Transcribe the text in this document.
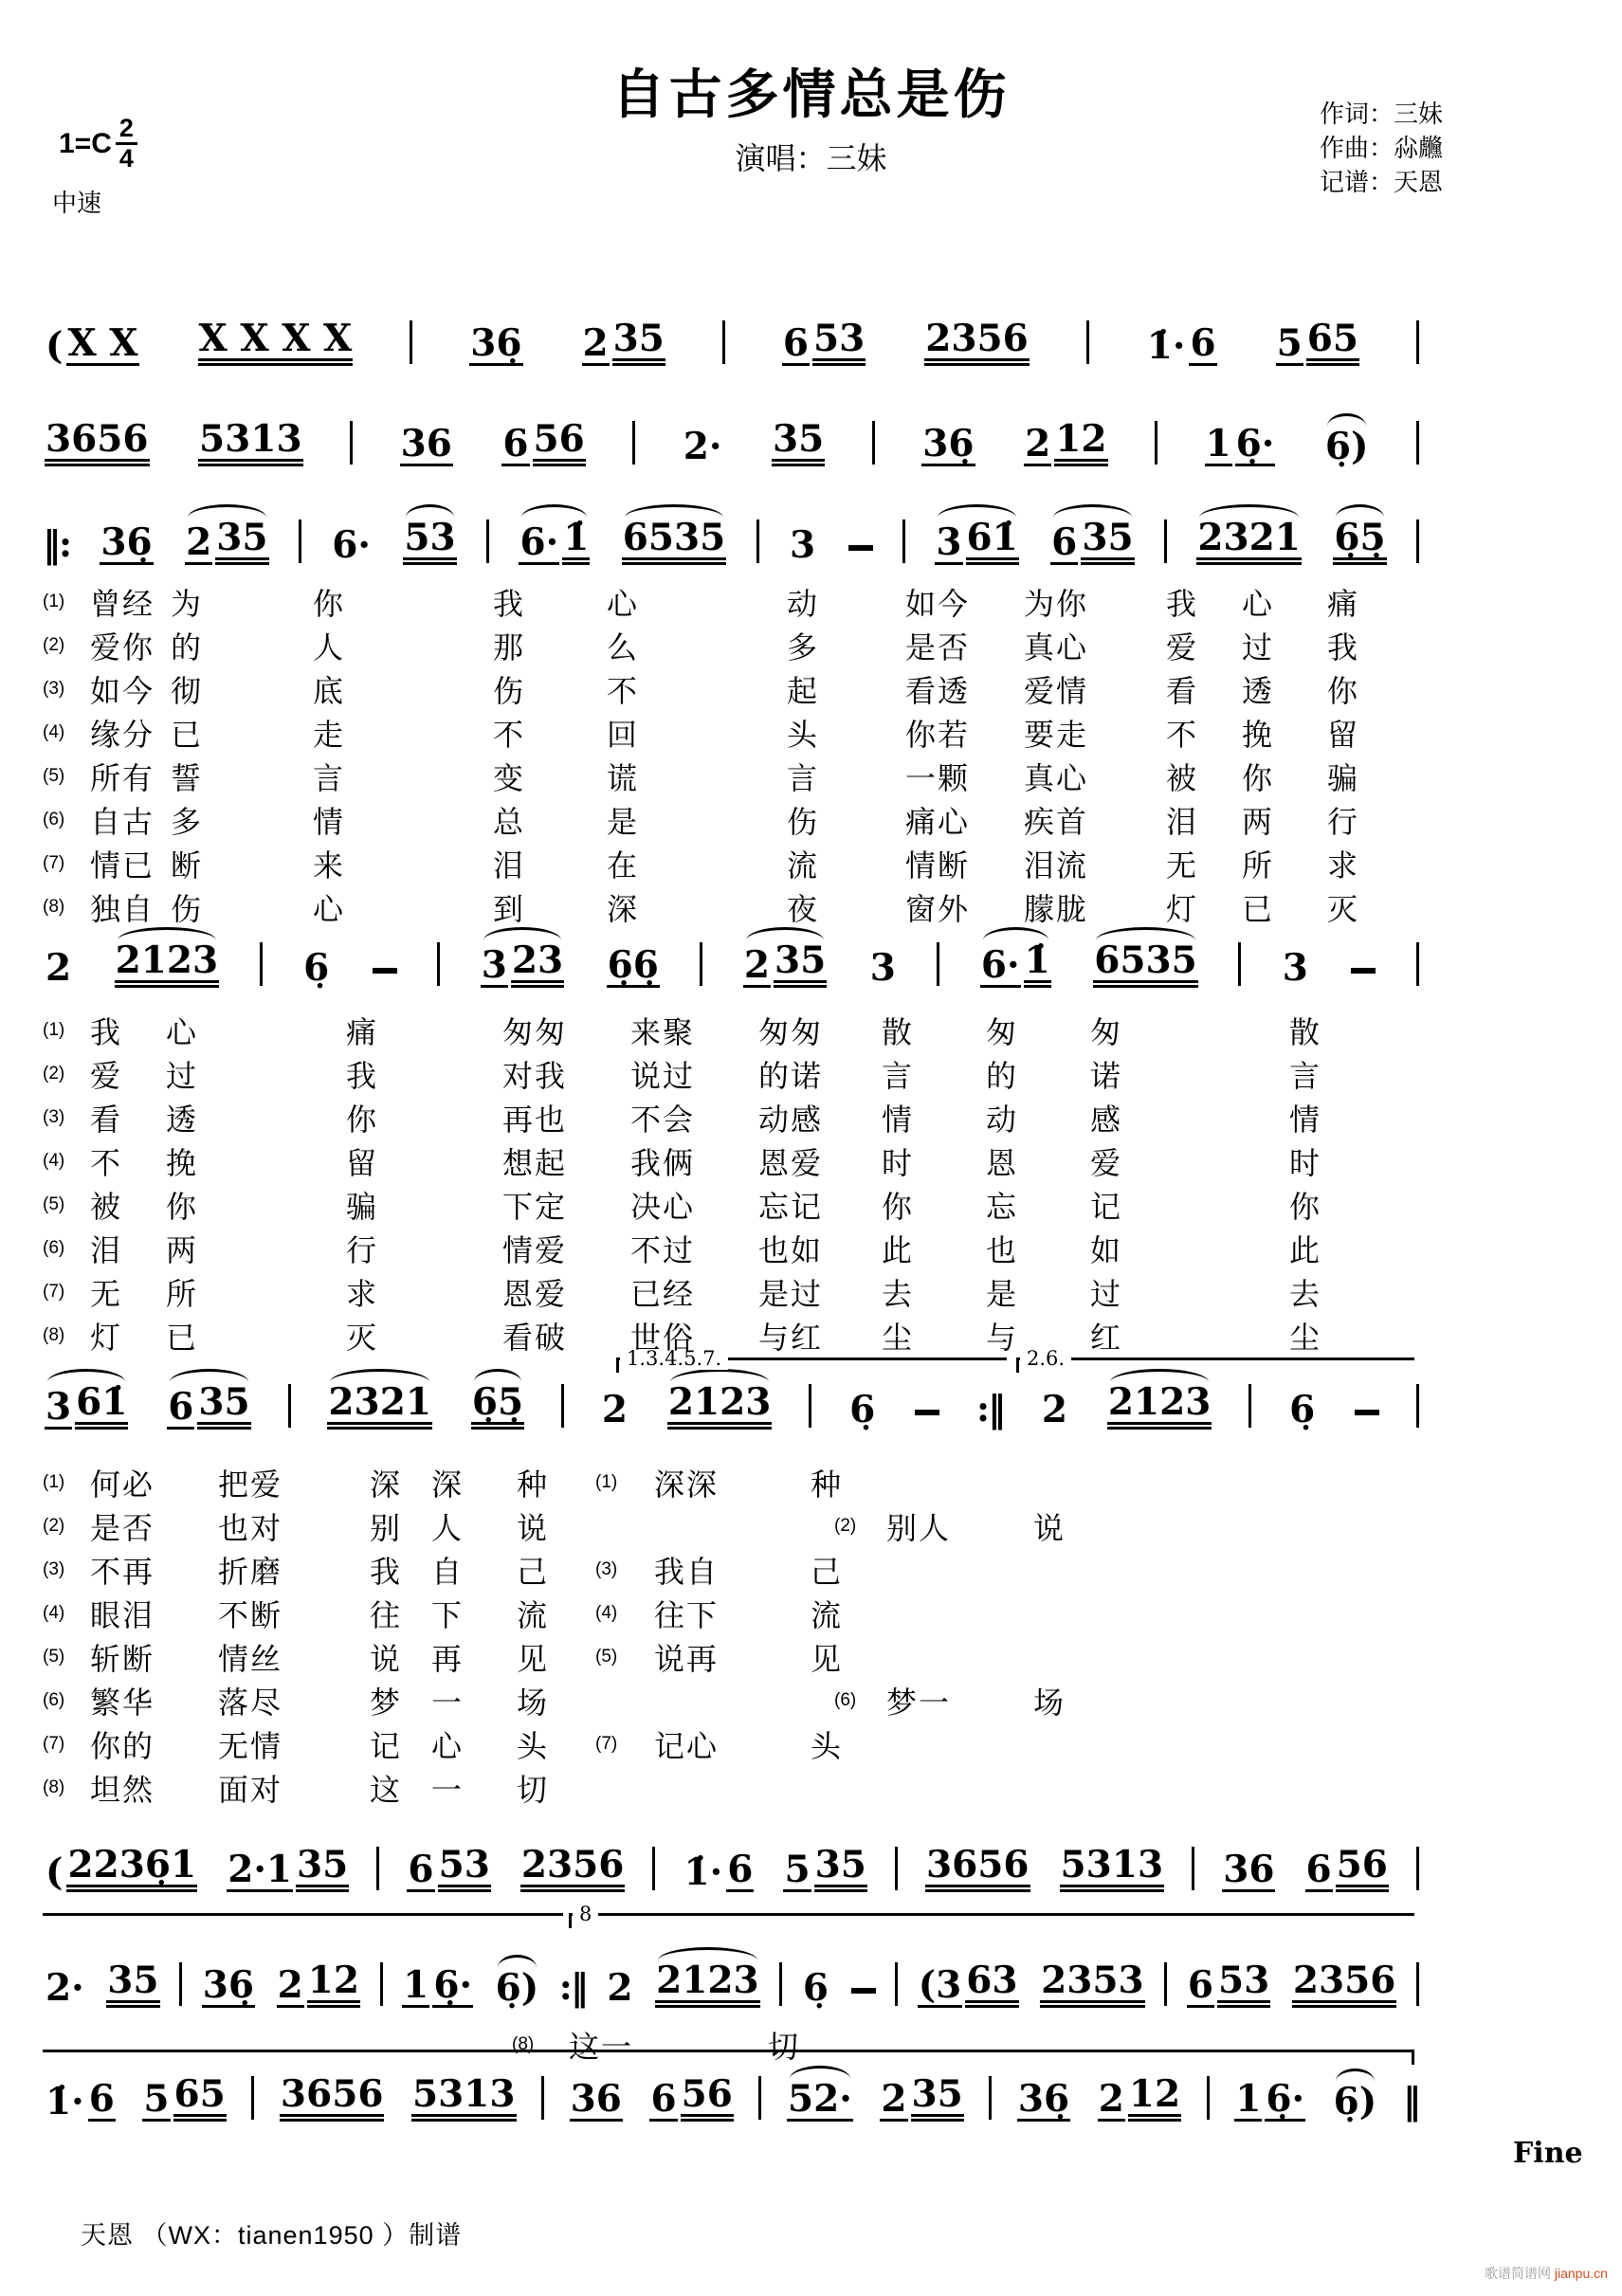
自古多情总是伤
$1=C \frac{2}{4}$	演唱：三妹
作词：三妹
作曲：尛虪
记谱：天恩
中速
( X X X X X X	36̣ 2 35	6 53 2356	1̇· 6 5 65
3656 5313	36 6 56	2· 35	36̣ 2 12	1 6̣· 6̣)
‖: 36̣ 2 35 6· 53 6· 1̇ 6535 3	3 61̇ 6 35 2321 6̣5̣
2 2123 6̣	3 23 6̣6̣ 2 35 3 6· 1̇ 6535 3
3 61̇ 6 35 2321 6̣5̣ 2 2123 6̣	:‖ 2 2123 6̣
( 2236̣1 2·1 35 6 53 2356 1̇· 6 5 35 3656 5313 36 6 56
2· 35 36̣ 2 12 1 6̣· 6̣) :‖ 2 2123 6̣ (3 63 2353 6 53 2356
1̇· 6 5 65 3656 5313 36 6 56 52· 2 35 36̣ 2 12 1 6̣· 6̣) ‖
1.3.4.5.7.	2.6.
8
(1) 曾经 为	你	我	心	动	如今	为你	我	心	痛
(2) 爱你 的	人	那	么	多	是否	真心	爱	过	我
(3) 如今 彻	底	伤	不	起	看透	爱情	看	透	你
(4) 缘分 已	走	不	回	头	你若	要走	不	挽	留
(5) 所有 誓	言	变	谎	言	一颗	真心	被	你	骗
(6) 自古 多	情	总	是	伤	痛心	疾首	泪	两	行
(7) 情已 断	来	泪	在	流	情断	泪流	无	所	求
(8) 独自 伤	心	到	深	夜	窗外	朦胧	灯	已	灭
(1) 我	心	痛	匆匆	来聚	匆匆	散	匆	匆	散
(2) 爱	过	我	对我	说过	的诺	言	的	诺	言
(3) 看	透	你	再也	不会	动感	情	动	感	情
(4) 不	挽	留	想起	我俩	恩爱	时	恩	爱	时
(5) 被	你	骗	下定	决心	忘记	你	忘	记	你
(6) 泪	两	行	情爱	不过	也如	此	也	如	此
(7) 无	所	求	恩爱	已经	是过	去	是	过	去
(8) 灯	已	灭	看破	世俗	与红	尘	与	红	尘
(1) 何必	把爱	深 深	种
(2) 是否	也对	别 人	说
(3) 不再	折磨	我 自	己
(4) 眼泪	不断	往 下	流
(5) 斩断	情丝	说 再	见
(6) 繁华	落尽	梦 一	场
(7) 你的	无情	记 心	头
(8) 坦然	面对	这 一	切
(1)	深深	种
(3)	我自	己
(4)	往下	流
(5)	说再	见
(7)	记心	头
(2) 别人	说
(6) 梦一	场
(8)	这一	切
Fine
天恩 （WX：tianen1950 ）制谱
歌谱简谱网 jianpu.cn
